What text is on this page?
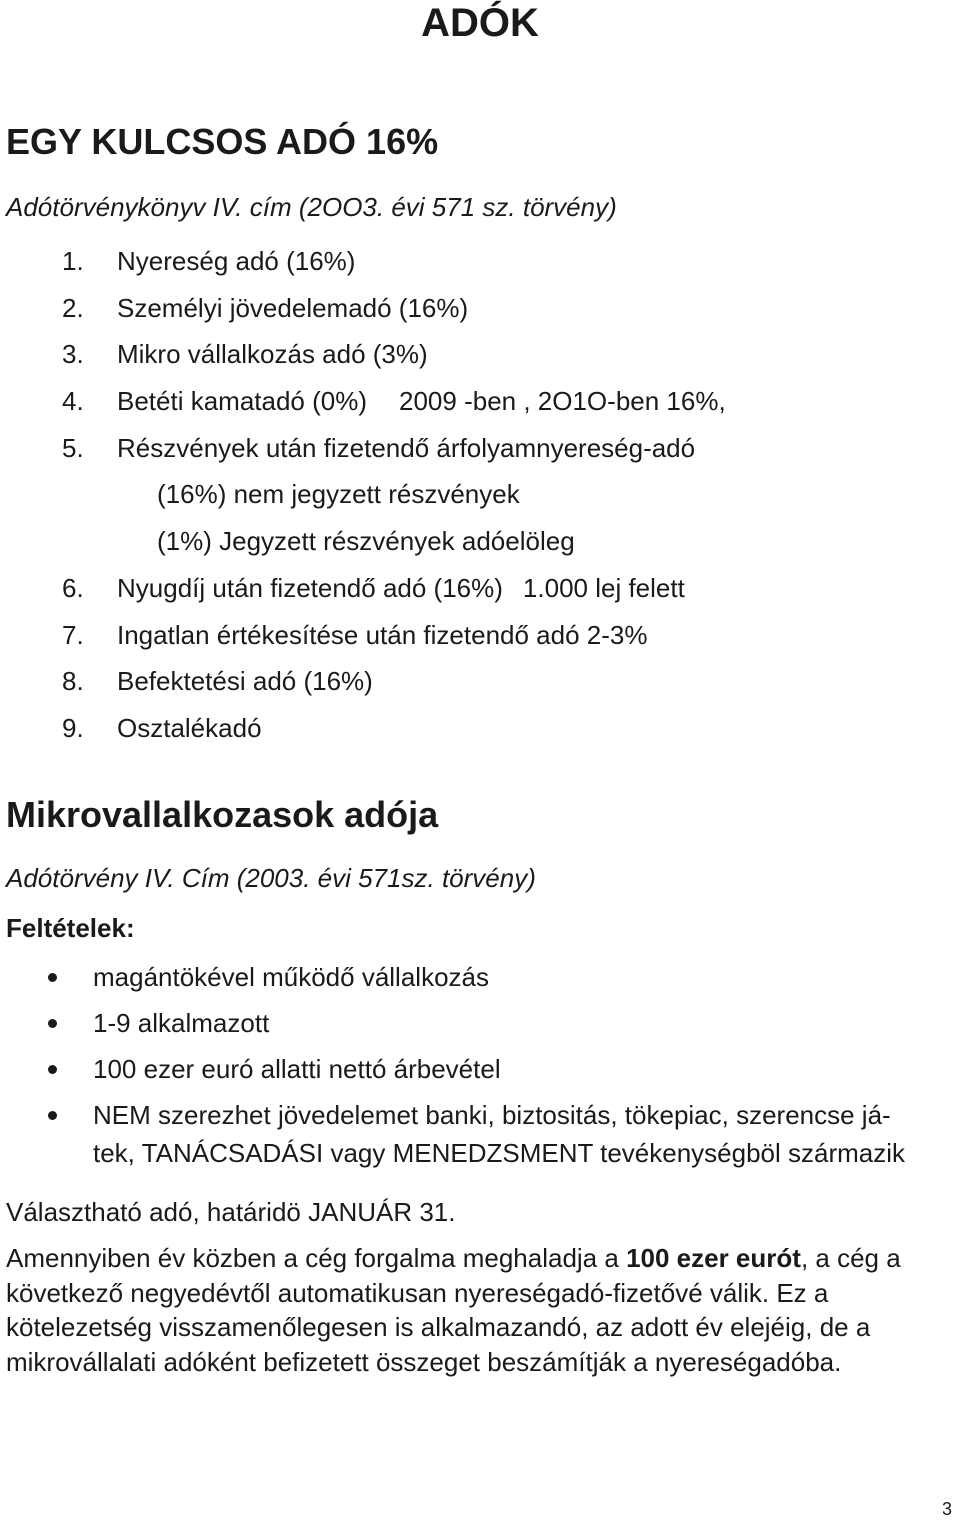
ADÓK
EGY KULCSOS ADÓ 16%

Adótörvénykönyv IV. cím (2OO3. évi 571 sz. törvény)

1. Nyereség adó (16%)
2. Személyi jövedelemadó (16%)
3. Mikro vállalkozás adó (3%)
4. Betéti kamatadó (0%) 2009 -ben , 2O1O-ben 16%,
5. Részvények után fizetendő árfolyamnyereség-adó
(16%) nem jegyzett részvények
(1%) Jegyzett részvények adóelöleg
6. Nyugdíj után fizetendő adó (16%) 1.000 lej felett
7. Ingatlan értékesítése után fizetendő adó 2-3%
8. Befektetési adó (16%)
9. Osztalékadó
Mikrovallalkozasok adója

Adótörvény IV. Cím (2003. évi 571sz. törvény)

Feltételek:

magántökével működő vállalkozás
1-9 alkalmazott
100 ezer euró allatti nettó árbevétel
NEM szerezhet jövedelemet banki, biztositás, tökepiac, szerencse já-
tek, TANÁCSADÁSI vagy MENEDZSMENT tevékenységböl származik

Választható adó, határidö JANUÁR 31.

Amennyiben év közben a cég forgalma meghaladja a 100 ezer eurót, a cég a következő negyedévtől automatikusan nyereségadó-fizetővé válik. Ez a kötelezetség visszamenőlegesen is alkalmazandó, az adott év elejéig, de a mikrovállalati adóként befizetett összeget beszámítják a nyereségadóba.

3
